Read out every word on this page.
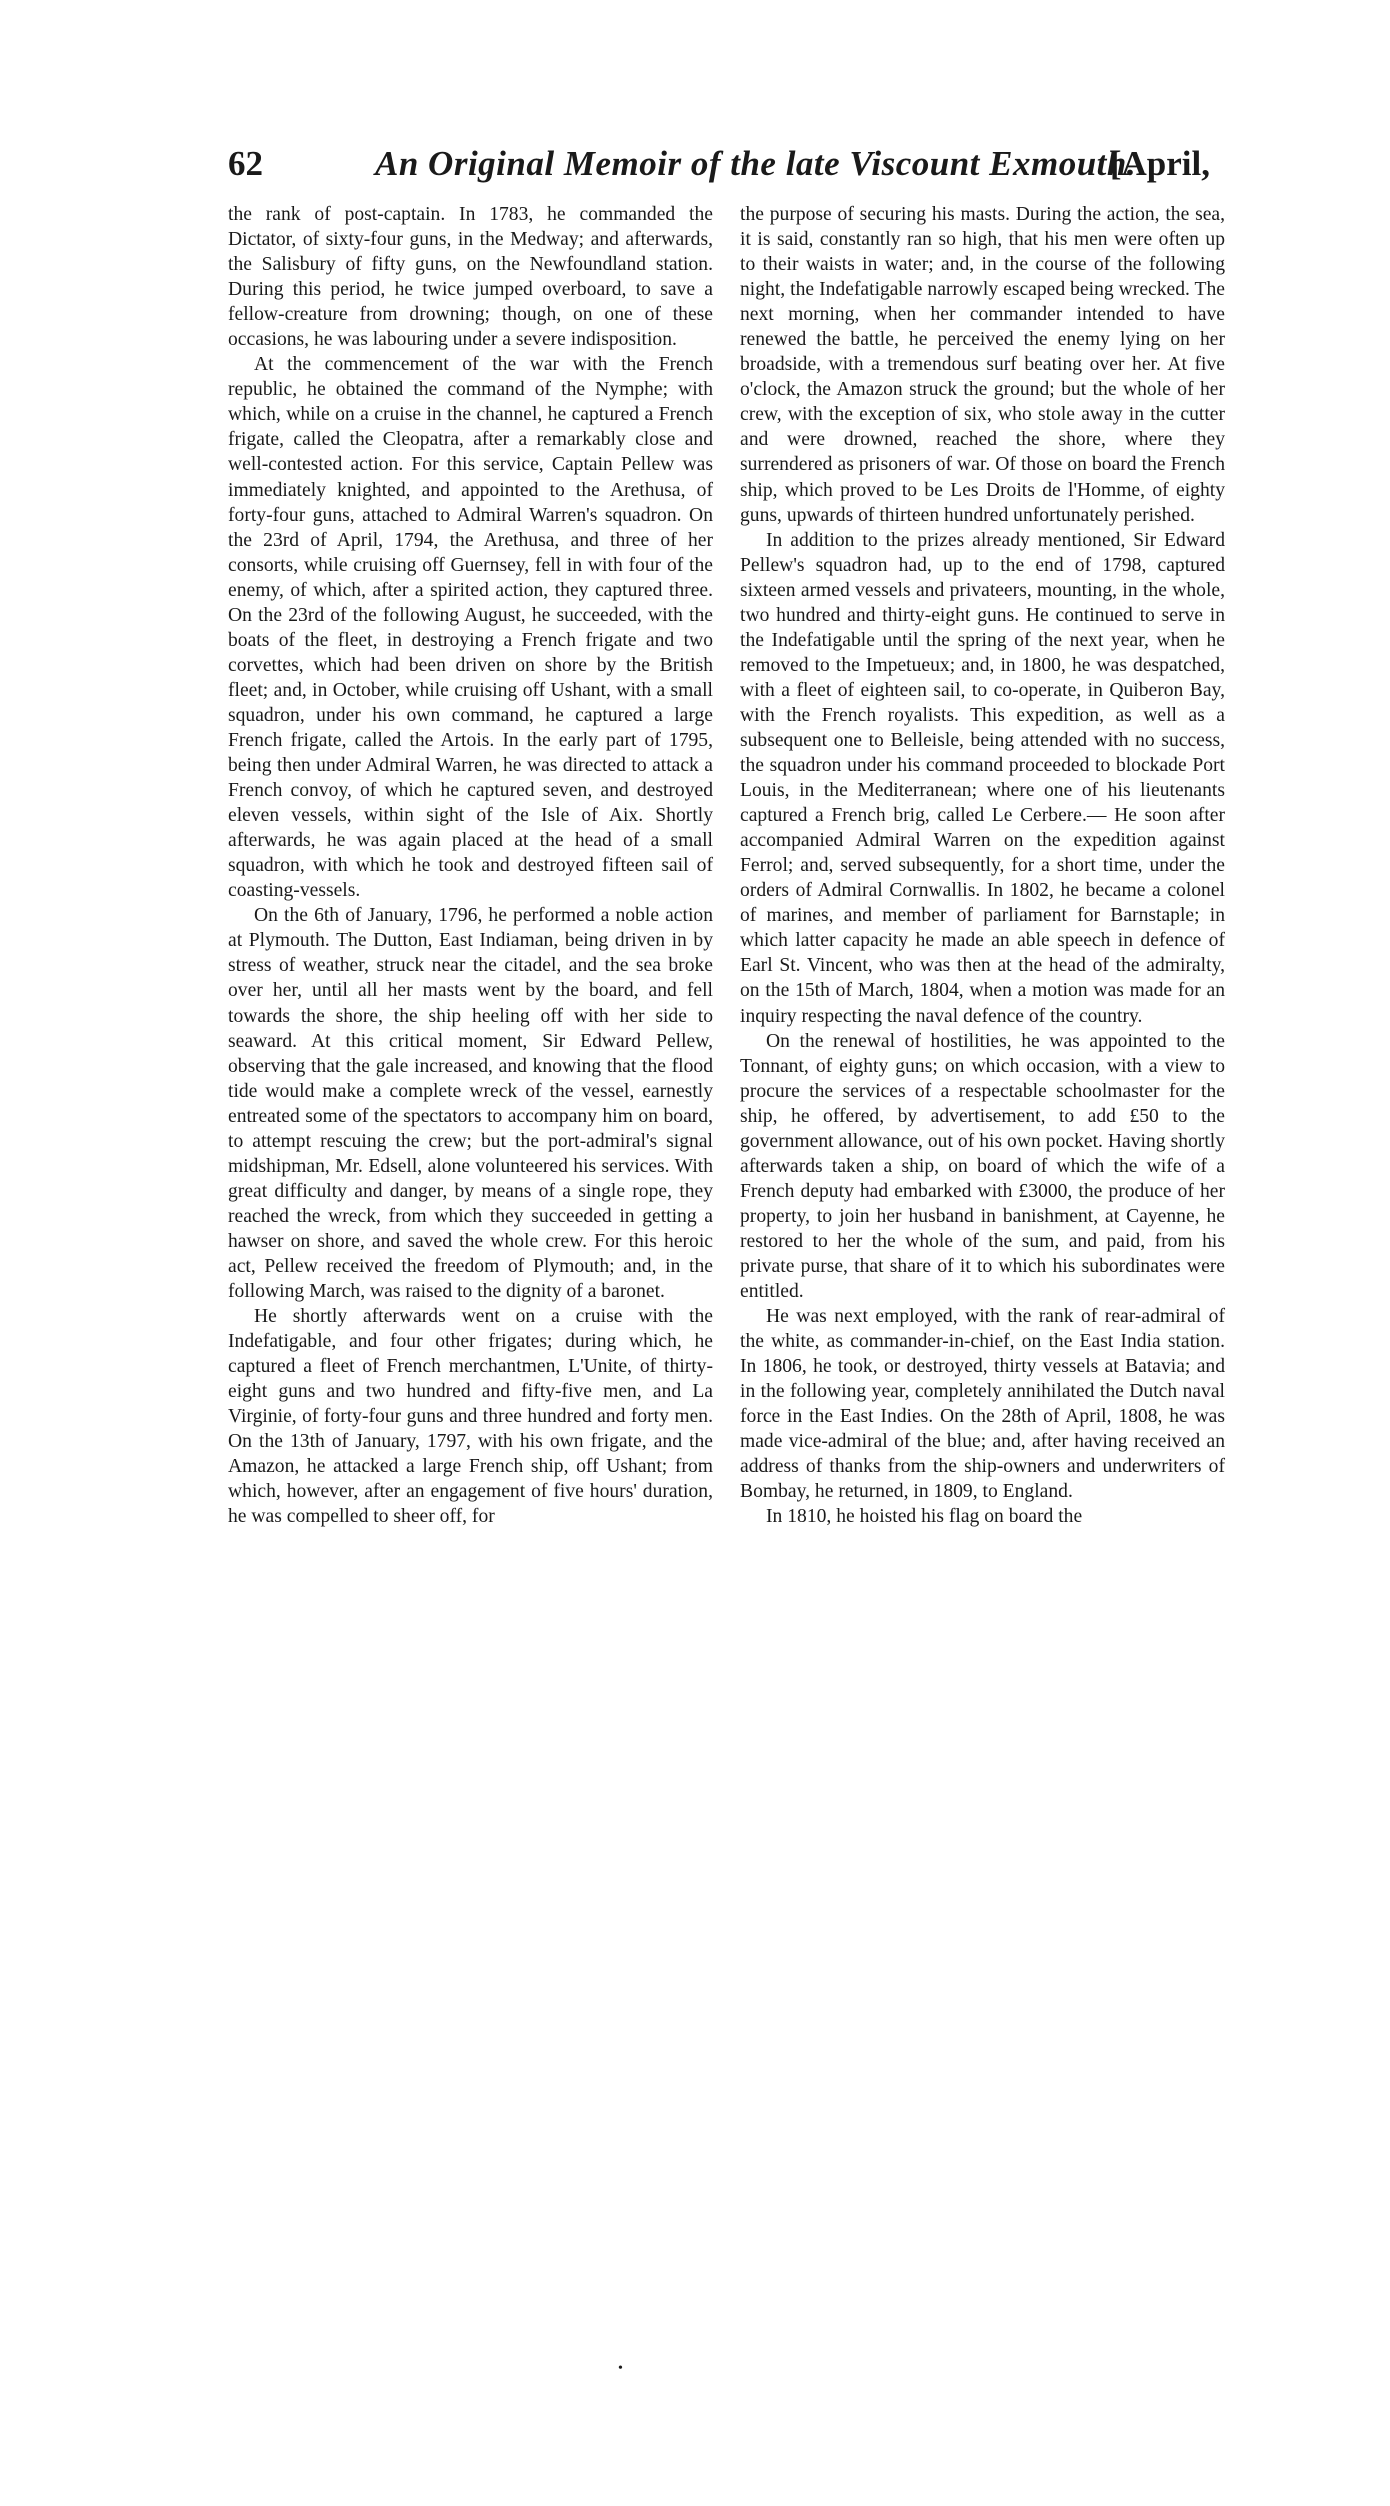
62	An Original Memoir of the late Viscount Exmouth.
[April,

the rank of post-captain. In 1783, he commanded the Dictator, of sixty-four guns, in the Medway; and afterwards, the Salisbury of fifty guns, on the Newfoundland station. During this period, he twice jumped overboard, to save a fellow-creature from drowning; though, on one of these occasions, he was labouring under a severe indisposition.

At the commencement of the war with the French republic, he obtained the command of the Nymphe; with which, while on a cruise in the channel, he captured a French frigate, called the Cleopatra, after a remarkably close and well-contested action. For this service, Captain Pellew was immediately knighted, and appointed to the Arethusa, of forty-four guns, attached to Admiral Warren's squadron. On the 23rd of April, 1794, the Arethusa, and three of her consorts, while cruising off Guernsey, fell in with four of the enemy, of which, after a spirited action, they captured three. On the 23rd of the following August, he succeeded, with the boats of the fleet, in destroying a French frigate and two corvettes, which had been driven on shore by the British fleet; and, in October, while cruising off Ushant, with a small squadron, under his own command, he captured a large French frigate, called the Artois. In the early part of 1795, being then under Admiral Warren, he was directed to attack a French convoy, of which he captured seven, and destroyed eleven vessels, within sight of the Isle of Aix. Shortly afterwards, he was again placed at the head of a small squadron, with which he took and destroyed fifteen sail of coasting-vessels.

On the 6th of January, 1796, he performed a noble action at Plymouth. The Dutton, East Indiaman, being driven in by stress of weather, struck near the citadel, and the sea broke over her, until all her masts went by the board, and fell towards the shore, the ship heeling off with her side to seaward. At this critical moment, Sir Edward Pellew, observing that the gale increased, and knowing that the flood tide would make a complete wreck of the vessel, earnestly entreated some of the spectators to accompany him on board, to attempt rescuing the crew; but the port-admiral's signal midshipman, Mr. Edsell, alone volunteered his services. With great difficulty and danger, by means of a single rope, they reached the wreck, from which they succeeded in getting a hawser on shore, and saved the whole crew. For this heroic act, Pellew received the freedom of Plymouth; and, in the following March, was raised to the dignity of a baronet.

He shortly afterwards went on a cruise with the Indefatigable, and four other frigates; during which, he captured a fleet of French merchantmen, L'Unite, of thirty-eight guns and two hundred and fifty-five men, and La Virginie, of forty-four guns and three hundred and forty men. On the 13th of January, 1797, with his own frigate, and the Amazon, he attacked a large French ship, off Ushant; from which, however, after an engagement of five hours' duration, he was compelled to sheer off, for

the purpose of securing his masts. During the action, the sea, it is said, constantly ran so high, that his men were often up to their waists in water; and, in the course of the following night, the Indefatigable narrowly escaped being wrecked. The next morning, when her commander intended to have renewed the battle, he perceived the enemy lying on her broadside, with a tremendous surf beating over her. At five o'clock, the Amazon struck the ground; but the whole of her crew, with the exception of six, who stole away in the cutter and were drowned, reached the shore, where they surrendered as prisoners of war. Of those on board the French ship, which proved to be Les Droits de l'Homme, of eighty guns, upwards of thirteen hundred unfortunately perished.

In addition to the prizes already mentioned, Sir Edward Pellew's squadron had, up to the end of 1798, captured sixteen armed vessels and privateers, mounting, in the whole, two hundred and thirty-eight guns. He continued to serve in the Indefatigable until the spring of the next year, when he removed to the Impetueux; and, in 1800, he was despatched, with a fleet of eighteen sail, to co-operate, in Quiberon Bay, with the French royalists. This expedition, as well as a subsequent one to Belleisle, being attended with no success, the squadron under his command proceeded to blockade Port Louis, in the Mediterranean; where one of his lieutenants captured a French brig, called Le Cerbere.— He soon after accompanied Admiral Warren on the expedition against Ferrol; and, served subsequently, for a short time, under the orders of Admiral Cornwallis. In 1802, he became a colonel of marines, and member of parliament for Barnstaple; in which latter capacity he made an able speech in defence of Earl St. Vincent, who was then at the head of the admiralty, on the 15th of March, 1804, when a motion was made for an inquiry respecting the naval defence of the country.

On the renewal of hostilities, he was appointed to the Tonnant, of eighty guns; on which occasion, with a view to procure the services of a respectable schoolmaster for the ship, he offered, by advertisement, to add £50 to the government allowance, out of his own pocket. Having shortly afterwards taken a ship, on board of which the wife of a French deputy had embarked with £3000, the produce of her property, to join her husband in banishment, at Cayenne, he restored to her the whole of the sum, and paid, from his private purse, that share of it to which his subordinates were entitled.

He was next employed, with the rank of rear-admiral of the white, as commander-in-chief, on the East India station. In 1806, he took, or destroyed, thirty vessels at Batavia; and in the following year, completely annihilated the Dutch naval force in the East Indies. On the 28th of April, 1808, he was made vice-admiral of the blue; and, after having received an address of thanks from the ship-owners and underwriters of Bombay, he returned, in 1809, to England.

In 1810, he hoisted his flag on board the

•
